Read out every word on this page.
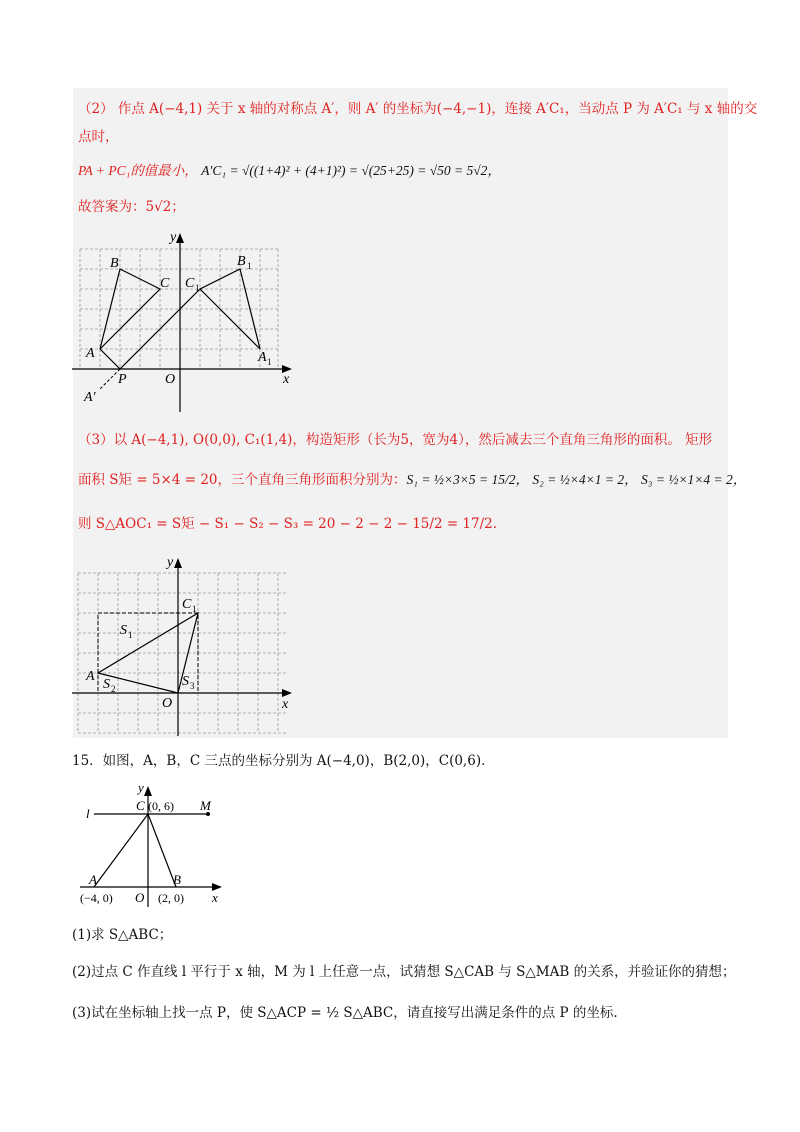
（2） 作点 A(−4,1) 关于 x 轴的对称点 A′，则 A′ 的坐标为(−4,−1)，连接 A′C₁，当动点 P 为 A′C₁ 与 x 轴的交
点时，
PA + PC₁的值最小， A′C₁ = √((1+4)² + (4+1)²) = √(25+25) = √50 = 5√2，
故答案为：5√2；
y
x
O
B
C C 1
B 1
A	A 1
P
A′
（3）以 A(−4,1), O(0,0), C₁(1,4)，构造矩形（长为5，宽为4），然后减去三个直角三角形的面积。 矩形
面积 S矩 = 5×4 = 20，三个直角三角形面积分别为：S₁ = ½×3×5 = 15/2， S₂ = ½×4×1 = 2， S₃ = ½×1×4 = 2，
则 S△AOC₁ = S矩 − S₁ − S₂ − S₃ = 20 − 2 − 2 − 15/2 = 17/2.
y
x
O
A
C 1
S 1
S 2	S 3
15．如图，A，B，C 三点的坐标分别为 A(−4,0)，B(2,0)，C(0,6)．
y
x
l
C (0, 6) M
A
(−4, 0) O
B
(2, 0)
(1)求 S△ABC；
(2)过点 C 作直线 l 平行于 x 轴，M 为 l 上任意一点，试猜想 S△CAB 与 S△MAB 的关系，并验证你的猜想；
(3)试在坐标轴上找一点 P，使 S△ACP = ½ S△ABC，请直接写出满足条件的点 P 的坐标.
